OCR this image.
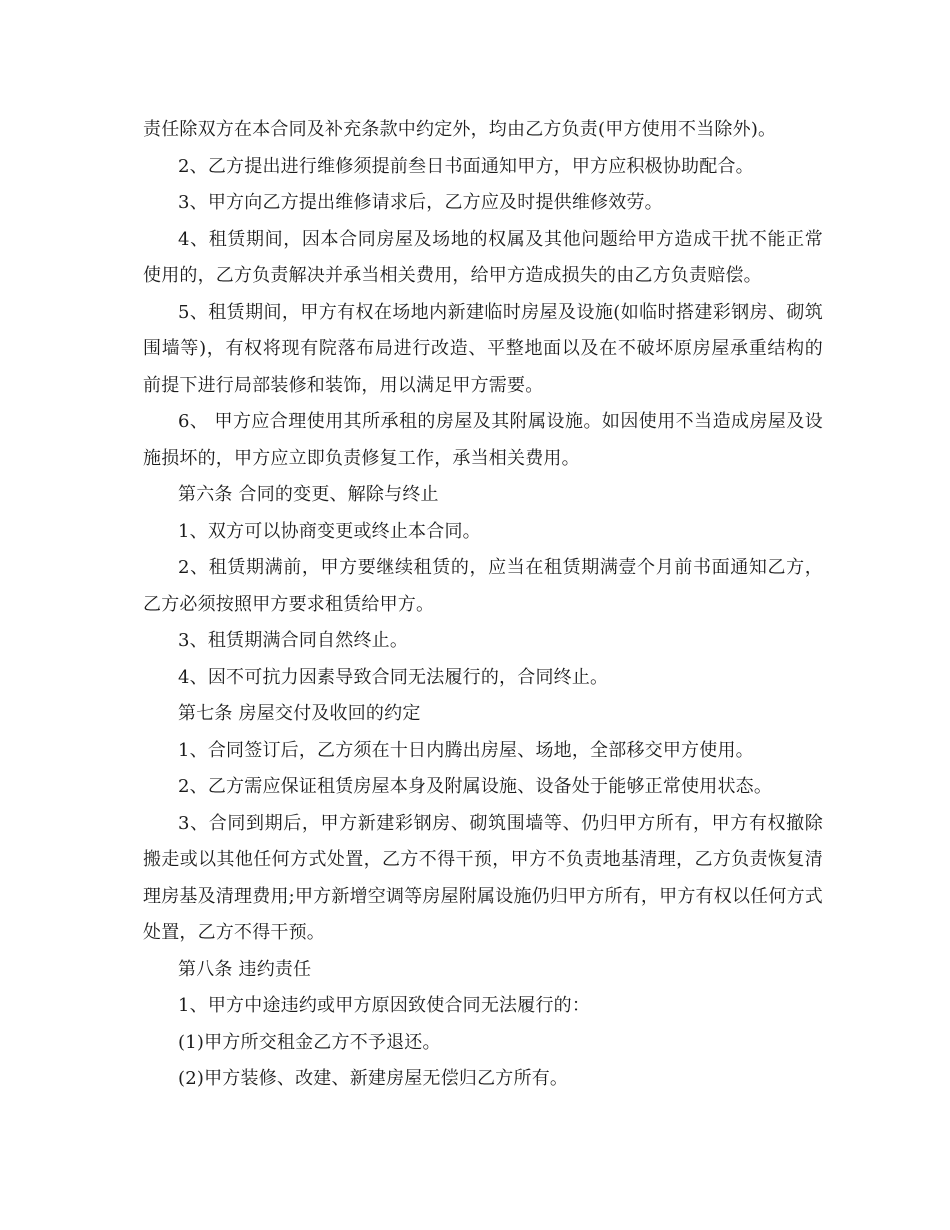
责任除双方在本合同及补充条款中约定外，均由乙方负责(甲方使用不当除外)。

2、乙方提出进行维修须提前叁日书面通知甲方，甲方应积极协助配合。

3、甲方向乙方提出维修请求后，乙方应及时提供维修效劳。

4、租赁期间，因本合同房屋及场地的权属及其他问题给甲方造成干扰不能正常使用的，乙方负责解决并承当相关费用，给甲方造成损失的由乙方负责赔偿。

5、租赁期间，甲方有权在场地内新建临时房屋及设施(如临时搭建彩钢房、砌筑围墙等)，有权将现有院落布局进行改造、平整地面以及在不破坏原房屋承重结构的前提下进行局部装修和装饰，用以满足甲方需要。

6、 甲方应合理使用其所承租的房屋及其附属设施。如因使用不当造成房屋及设施损坏的，甲方应立即负责修复工作，承当相关费用。

第六条 合同的变更、解除与终止

1、双方可以协商变更或终止本合同。

2、租赁期满前，甲方要继续租赁的，应当在租赁期满壹个月前书面通知乙方，乙方必须按照甲方要求租赁给甲方。

3、租赁期满合同自然终止。

4、因不可抗力因素导致合同无法履行的，合同终止。

第七条 房屋交付及收回的约定

1、合同签订后，乙方须在十日内腾出房屋、场地，全部移交甲方使用。

2、乙方需应保证租赁房屋本身及附属设施、设备处于能够正常使用状态。

3、合同到期后，甲方新建彩钢房、砌筑围墙等、仍归甲方所有，甲方有权撤除搬走或以其他任何方式处置，乙方不得干预，甲方不负责地基清理，乙方负责恢复清理房基及清理费用;甲方新增空调等房屋附属设施仍归甲方所有，甲方有权以任何方式处置，乙方不得干预。

第八条 违约责任

1、甲方中途违约或甲方原因致使合同无法履行的：

(1)甲方所交租金乙方不予退还。

(2)甲方装修、改建、新建房屋无偿归乙方所有。
